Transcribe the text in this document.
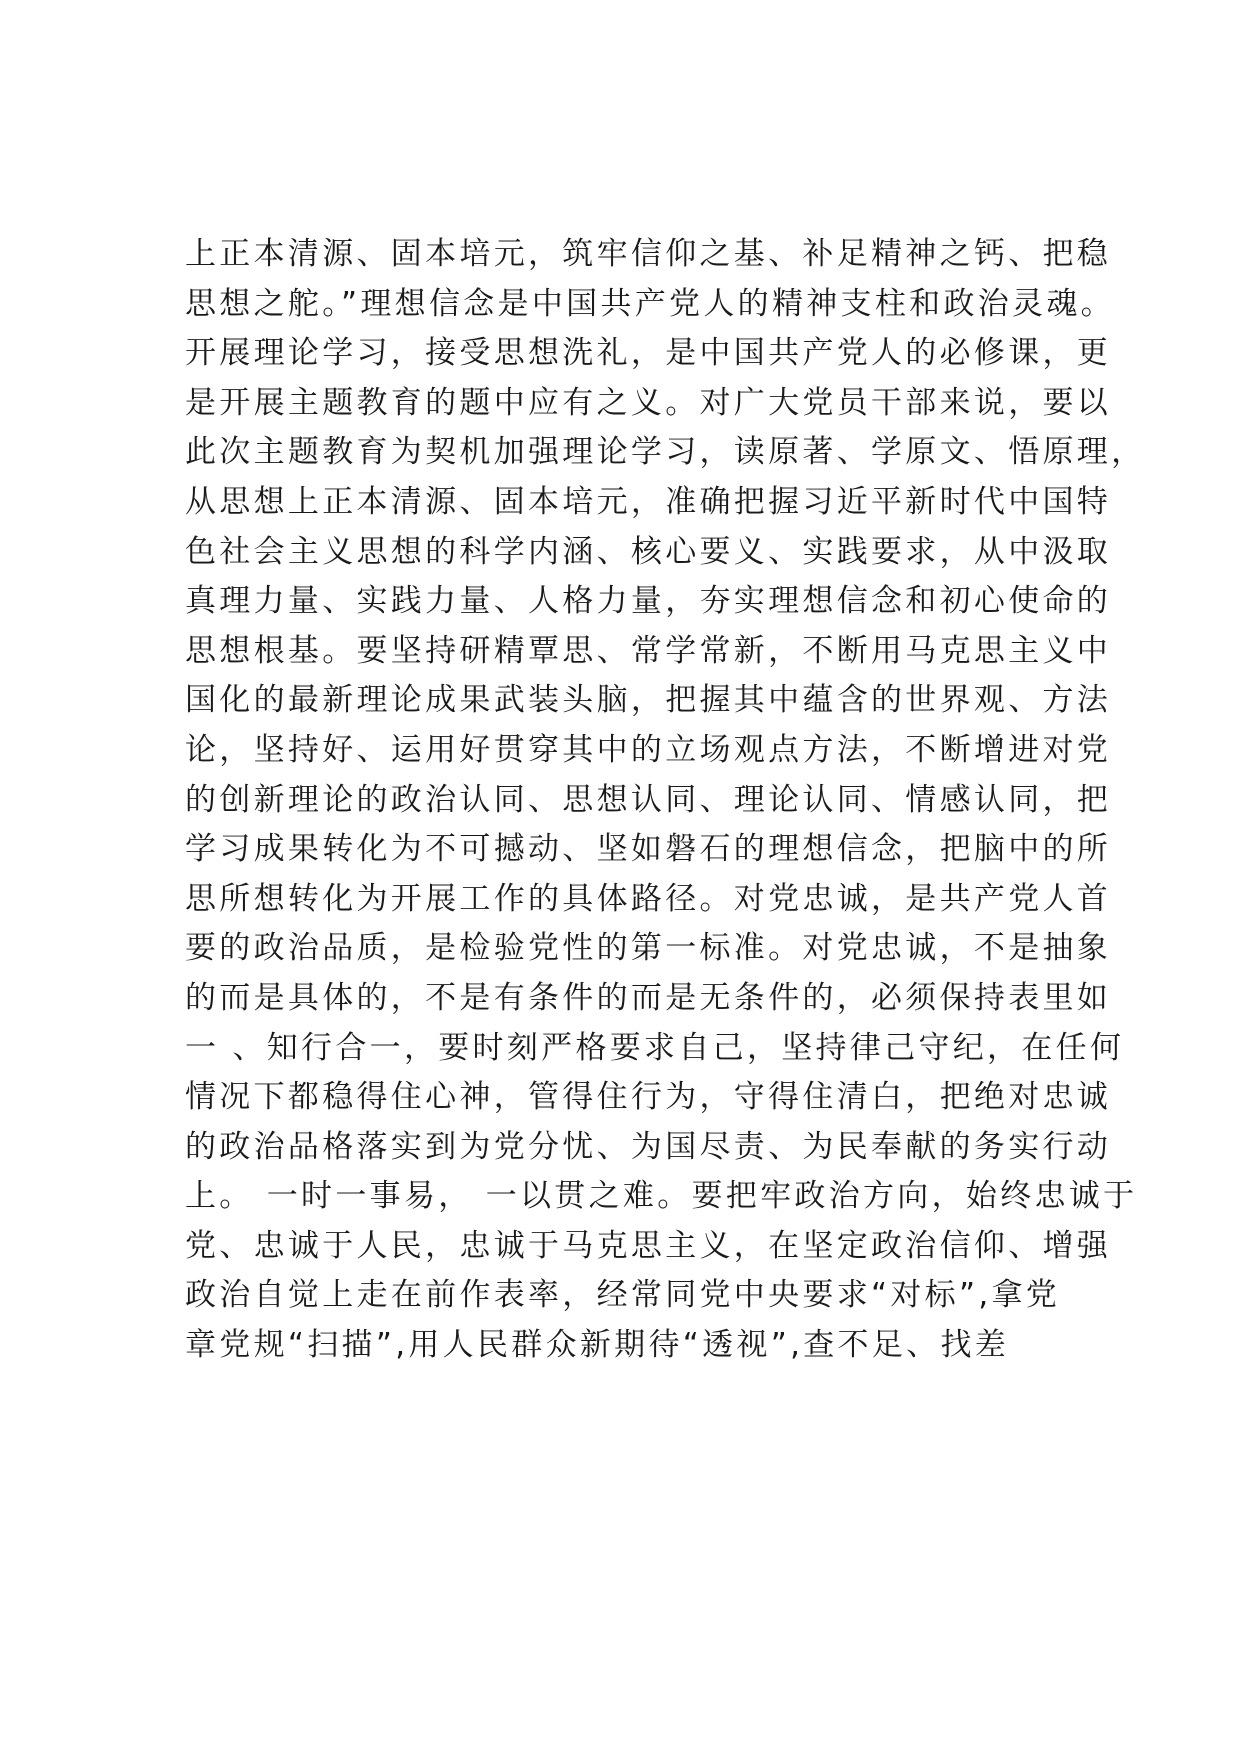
上正本清源、固本培元，筑牢信仰之基、补足精神之钙、把稳
思想之舵。”理想信念是中国共产党人的精神支柱和政治灵魂。
开展理论学习，接受思想洗礼，是中国共产党人的必修课，更
是开展主题教育的题中应有之义。对广大党员干部来说，要以
此次主题教育为契机加强理论学习，读原著、学原文、悟原理，
从思想上正本清源、固本培元，准确把握习近平新时代中国特
色社会主义思想的科学内涵、核心要义、实践要求，从中汲取
真理力量、实践力量、人格力量，夯实理想信念和初心使命的
思想根基。要坚持研精覃思、常学常新，不断用马克思主义中
国化的最新理论成果武装头脑，把握其中蕴含的世界观、方法
论，坚持好、运用好贯穿其中的立场观点方法，不断增进对党
的创新理论的政治认同、思想认同、理论认同、情感认同，把
学习成果转化为不可撼动、坚如磐石的理想信念，把脑中的所
思所想转化为开展工作的具体路径。对党忠诚，是共产党人首
要的政治品质，是检验党性的第一标准。对党忠诚，不是抽象
的而是具体的，不是有条件的而是无条件的，必须保持表里如
一 、知行合一，要时刻严格要求自己，坚持律己守纪，在任何
情况下都稳得住心神，管得住行为，守得住清白，把绝对忠诚
的政治品格落实到为党分忧、为国尽责、为民奉献的务实行动
上。 一时一事易， 一以贯之难。要把牢政治方向，始终忠诚于
党、忠诚于人民，忠诚于马克思主义，在坚定政治信仰、增强
政治自觉上走在前作表率，经常同党中央要求“对标”,拿党
章党规“扫描”,用人民群众新期待“透视”,查不足、找差
